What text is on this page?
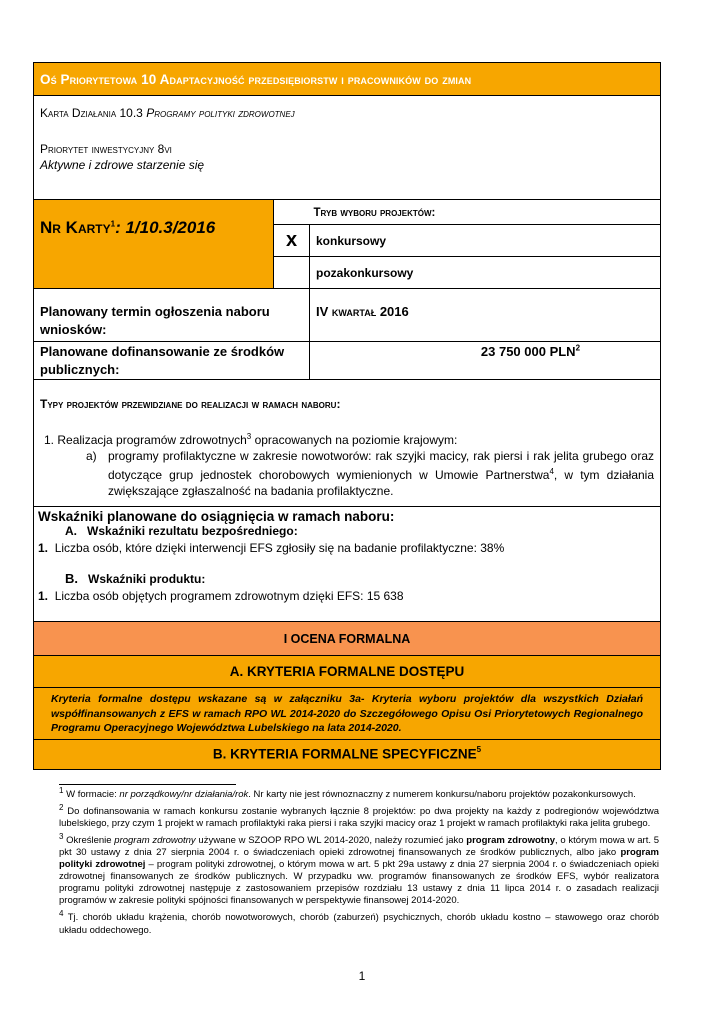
Oś Priorytetowa 10 Adaptacyjność przedsiębiorstw i pracowników do zmian		

Karta Działania 10.3 Programy polityki zdrowotnej
Priorytet inwestycyjny 8vi
Aktywne i zdrowe starzenie się		

Nr Karty$^1$: 1/10.3/2016		Tryb wyboru projektów:
	x	konkursowy
		pozakonkursowy
Planowany termin ogłoszenia naboru wniosków:		IV kwartał 2016
Planowane dofinansowanie ze środków publicznych:		23 750 000 PLN$^2$

Typy projektów przewidziane do realizacji w ramach naboru:
1. Realizacja programów zdrowotnych$^3$ opracowanych na poziomie krajowym:
a) programy profilaktyczne w zakresie nowotworów: rak szyjki macicy, rak piersi i rak jelita grubego oraz dotyczące grup jednostek chorobowych wymienionych w Umowie Partnerstwa$^4$, w tym działania zwiększające zgłaszalność na badania profilaktyczne.		

Wskaźniki planowane do osiągnięcia w ramach naboru:
A. Wskaźniki rezultatu bezpośredniego:
1. Liczba osób, które dzięki interwencji EFS zgłosiły się na badanie profilaktyczne: 38%
B. Wskaźniki produktu:
1. Liczba osób objętych programem zdrowotnym dzięki EFS: 15 638		

I OCENA FORMALNA		
A. KRYTERIA FORMALNE DOSTĘPU		

Kryteria formalne dostępu wskazane są w załączniku 3a- Kryteria wyboru projektów dla wszystkich Działań współfinansowanych z EFS w ramach RPO WL 2014-2020 do Szczegółowego Opisu Osi Priorytetowych Regionalnego Programu Operacyjnego Województwa Lubelskiego na lata 2014-2020.		

B. KRYTERIA FORMALNE SPECYFICZNE$^5$

$^1$ W formacie: nr porządkowy/nr działania/rok. Nr karty nie jest równoznaczny z numerem konkursu/naboru projektów pozakonkursowych.

$^2$ Do dofinansowania w ramach konkursu zostanie wybranych łącznie 8 projektów: po dwa projekty na każdy z podregionów województwa lubelskiego, przy czym 1 projekt w ramach profilaktyki raka piersi i raka szyjki macicy oraz 1 projekt w ramach profilaktyki raka jelita grubego.

$^3$ Określenie program zdrowotny używane w SZOOP RPO WL 2014-2020, należy rozumieć jako program zdrowotny, o którym mowa w art. 5 pkt 30 ustawy z dnia 27 sierpnia 2004 r. o świadczeniach opieki zdrowotnej finansowanych ze środków publicznych, albo jako program polityki zdrowotnej – program polityki zdrowotnej, o którym mowa w art. 5 pkt 29a ustawy z dnia 27 sierpnia 2004 r. o świadczeniach opieki zdrowotnej finansowanych ze środków publicznych. W przypadku ww. programów finansowanych ze środków EFS, wybór realizatora programu polityki zdrowotnej następuje z zastosowaniem przepisów rozdziału 13 ustawy z dnia 11 lipca 2014 r. o zasadach realizacji programów w zakresie polityki spójności finansowanych w perspektywie finansowej 2014-2020.

$^4$ Tj. chorób układu krążenia, chorób nowotworowych, chorób (zaburzeń) psychicznych, chorób układu kostno – stawowego oraz chorób układu oddechowego.

1
